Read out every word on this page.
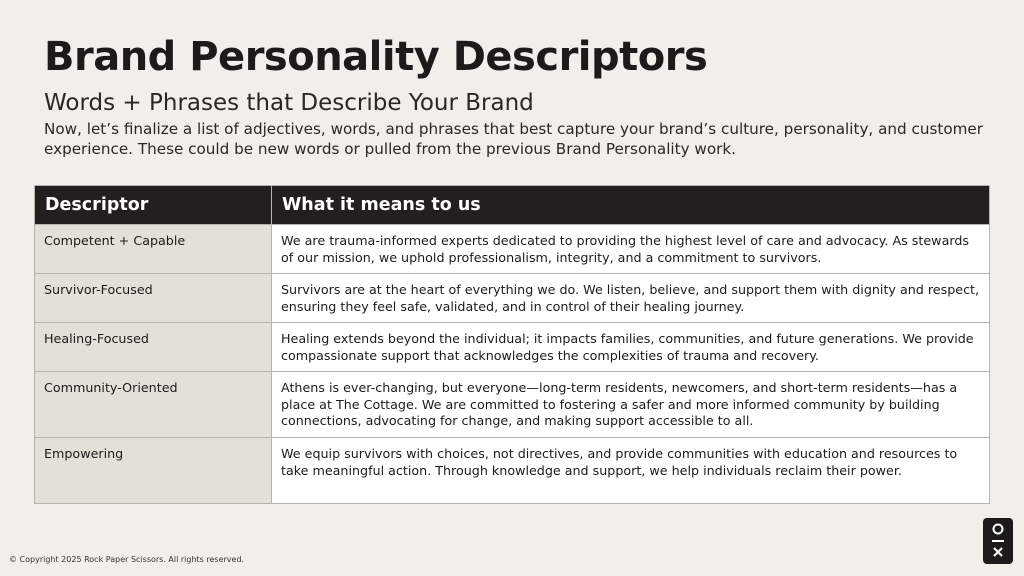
Brand Personality Descriptors
Words + Phrases that Describe Your Brand
Now, let’s finalize a list of adjectives, words, and phrases that best capture your brand’s culture, personality, and customer experience. These could be new words or pulled from the previous Brand Personality work.
Descriptor	What it means to us
Competent + Capable	We are trauma-informed experts dedicated to providing the highest level of care and advocacy. As stewards of our mission, we uphold professionalism, integrity, and a commitment to survivors.
Survivor-Focused	Survivors are at the heart of everything we do. We listen, believe, and support them with dignity and respect, ensuring they feel safe, validated, and in control of their healing journey.
Healing-Focused	Healing extends beyond the individual; it impacts families, communities, and future generations. We provide compassionate support that acknowledges the complexities of trauma and recovery.
Community-Oriented	Athens is ever-changing, but everyone—long-term residents, newcomers, and short-term residents—has a place at The Cottage. We are committed to fostering a safer and more informed community by building connections, advocating for change, and making support accessible to all.
Empowering	We equip survivors with choices, not directives, and provide communities with education and resources to take meaningful action. Through knowledge and support, we help individuals reclaim their power.
© Copyright 2025 Rock Paper Scissors. All rights reserved.
